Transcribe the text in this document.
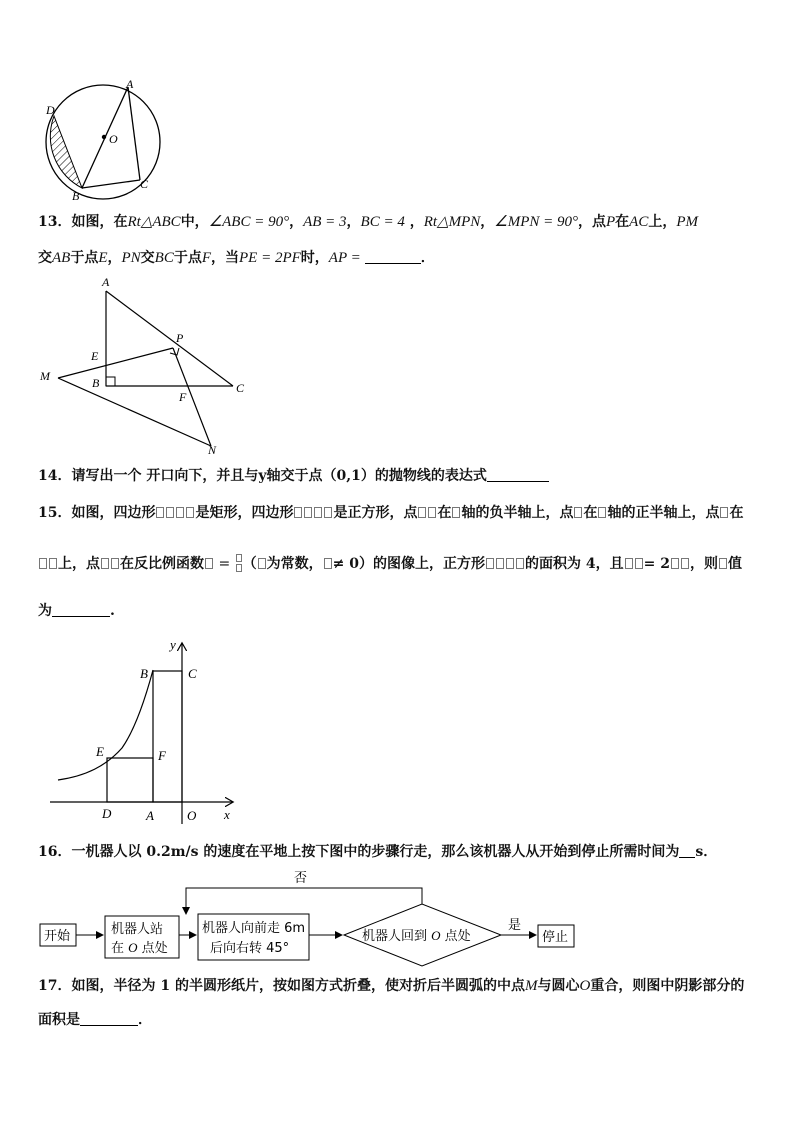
A
D
O
B
C
13．如图，在Rt△ABC中，∠ABC = 90°，AB = 3，BC = 4 ，Rt△MPN，∠MPN = 90°，点P在AC上，PM
交AB于点E，PN交BC于点F，当PE = 2PF时，AP =	．
A
P
E
M	B	C
F
N
14．请写出一个 开口向下，并且与y轴交于点（0,1）的抛物线的表达式
15．如图，四边形	是矩形，四边形	是正方形，点 在 轴的负半轴上，点 在 轴的正半轴上，点 在
上，点 在反比例函数 =
（ 为常数， ≠ 0）的图像上，正方形	的面积为 4，且 = 2 ，则 值
为	.
y
x
B	C
E	F
D	A	O
16．一机器人以 0.2m/s 的速度在平地上按下图中的步骤行走，那么该机器人从开始到停止所需时间为 s．
开始	机器人站
在 O 点处
机器人向前走 6m
后向右转 45°
机器人回到 O 点处
否
是
停止
17．如图，半径为 1 的半圆形纸片，按如图方式折叠，使对折后半圆弧的中点M与圆心O重合，则图中阴影部分的
面积是	．
